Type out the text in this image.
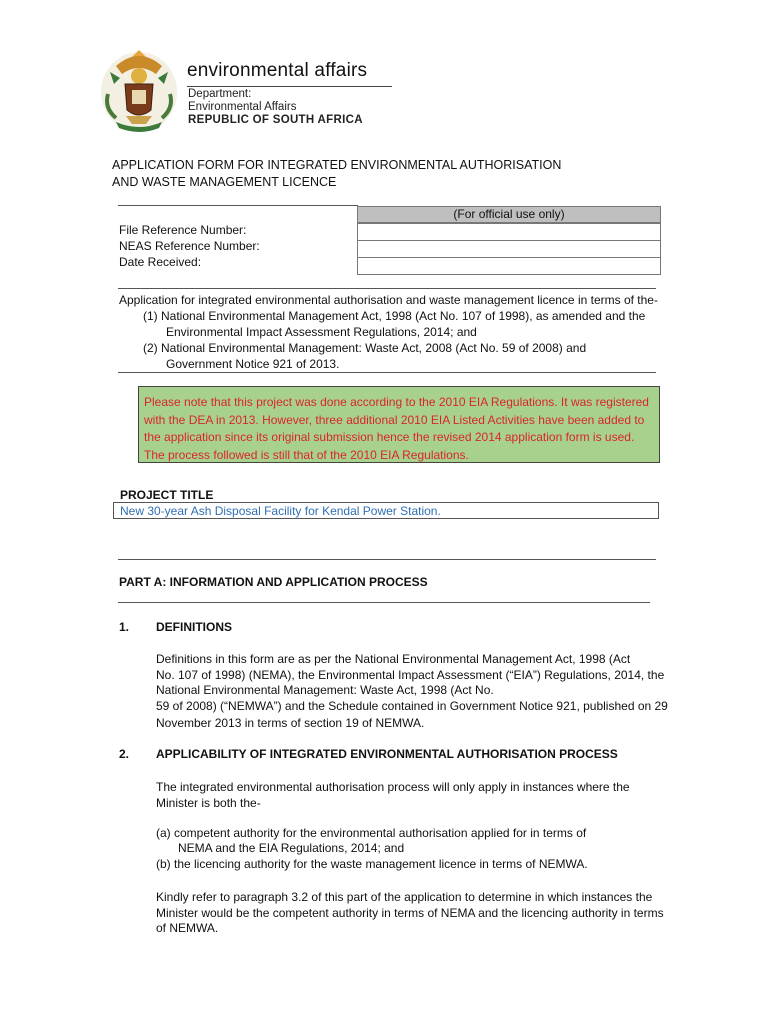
environmental affairs
Department:
Environmental Affairs
REPUBLIC OF SOUTH AFRICA
APPLICATION FORM FOR INTEGRATED ENVIRONMENTAL AUTHORISATION
AND WASTE MANAGEMENT LICENCE
(For official use only)
File Reference Number:
NEAS Reference Number:
Date Received:
Application for integrated environmental authorisation and waste management licence in terms of the-
(1) National Environmental Management Act, 1998 (Act No. 107 of 1998), as amended and the
Environmental Impact Assessment Regulations, 2014; and
(2) National Environmental Management: Waste Act, 2008 (Act No. 59 of 2008) and
Government Notice 921 of 2013.
Please note that this project was done according to the 2010 EIA Regulations. It was registered
with the DEA in 2013. However, three additional 2010 EIA Listed Activities have been added to
the application since its original submission hence the revised 2014 application form is used.
The process followed is still that of the 2010 EIA Regulations.
PROJECT TITLE
New 30-year Ash Disposal Facility for Kendal Power Station.
PART A: INFORMATION AND APPLICATION PROCESS
1. DEFINITIONS
Definitions in this form are as per the National Environmental Management Act, 1998 (Act
No. 107 of 1998) (NEMA), the Environmental Impact Assessment (“EIA”) Regulations, 2014, the
National Environmental Management: Waste Act, 1998 (Act No.
59 of 2008) (“NEMWA”) and the Schedule contained in Government Notice 921, published on 29
November 2013 in terms of section 19 of NEMWA.
2. APPLICABILITY OF INTEGRATED ENVIRONMENTAL AUTHORISATION PROCESS
The integrated environmental authorisation process will only apply in instances where the
Minister is both the-
(a) competent authority for the environmental authorisation applied for in terms of
NEMA and the EIA Regulations, 2014; and
(b) the licencing authority for the waste management licence in terms of NEMWA.
Kindly refer to paragraph 3.2 of this part of the application to determine in which instances the
Minister would be the competent authority in terms of NEMA and the licencing authority in terms
of NEMWA.
